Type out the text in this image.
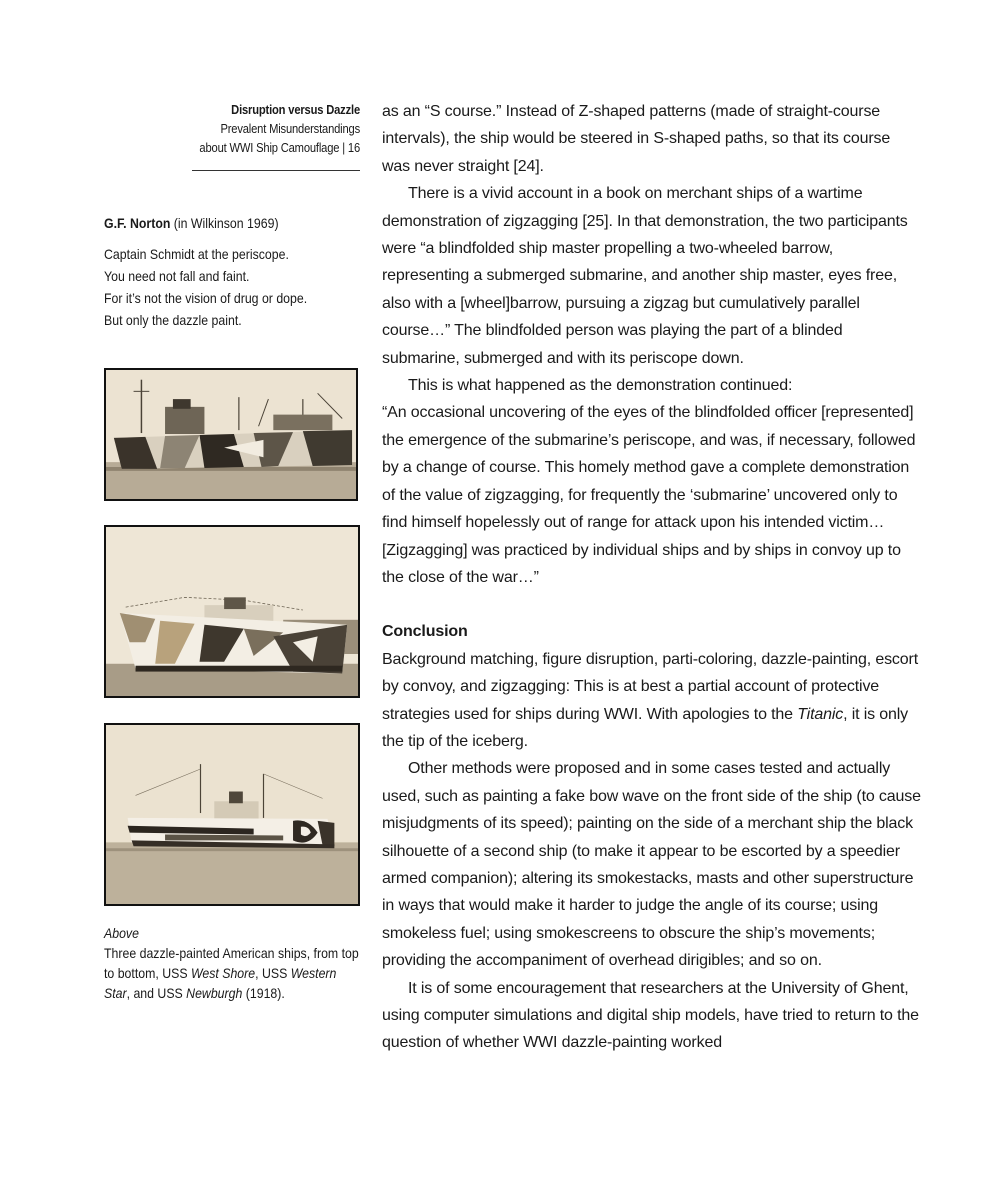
Disruption versus Dazzle
Prevalent Misunderstandings
about WWI Ship Camouflage | 16
G.F. Norton (in Wilkinson 1969)
Captain Schmidt at the periscope.
You need not fall and faint.
For it’s not the vision of drug or dope.
But only the dazzle paint.
Above
Three dazzle-painted American ships, from top to bottom, USS West Shore, USS Western Star, and USS Newburgh (1918).

as an “S course.” Instead of Z-shaped patterns (made of straight-course intervals), the ship would be steered in S-shaped paths, so that its course was never straight [24].

There is a vivid account in a book on merchant ships of a wartime demonstration of zigzagging [25]. In that demonstration, the two participants were “a blindfolded ship master propelling a two-wheeled barrow, representing a submerged submarine, and another ship master, eyes free, also with a [wheel]barrow, pursuing a zigzag but cumulatively parallel course…” The blindfolded person was playing the part of a blinded submarine, submerged and with its periscope down.

This is what happened as the demonstration continued:

“An occasional uncovering of the eyes of the blindfolded officer [represented] the emergence of the submarine’s periscope, and was, if necessary, followed by a change of course. This homely method gave a complete demonstration of the value of zigzagging, for frequently the ‘submarine’ uncovered only to find himself hopelessly out of range for attack upon his intended victim…[Zigzagging] was practiced by individual ships and by ships in convoy up to the close of the war…”

Conclusion

Background matching, figure disruption, parti-coloring, dazzle-painting, escort by convoy, and zigzagging: This is at best a partial account of protective strategies used for ships during WWI. With apologies to the Titanic, it is only the tip of the iceberg.

Other methods were proposed and in some cases tested and actually used, such as painting a fake bow wave on the front side of the ship (to cause misjudgments of its speed); painting on the side of a merchant ship the black silhouette of a second ship (to make it appear to be escorted by a speedier armed companion); altering its smokestacks, masts and other superstructure in ways that would make it harder to judge the angle of its course; using smokeless fuel; using smokescreens to obscure the ship’s movements; providing the accompaniment of overhead dirigibles; and so on.

It is of some encouragement that researchers at the University of Ghent, using computer simulations and digital ship models, have tried to return to the question of whether WWI dazzle-painting worked
